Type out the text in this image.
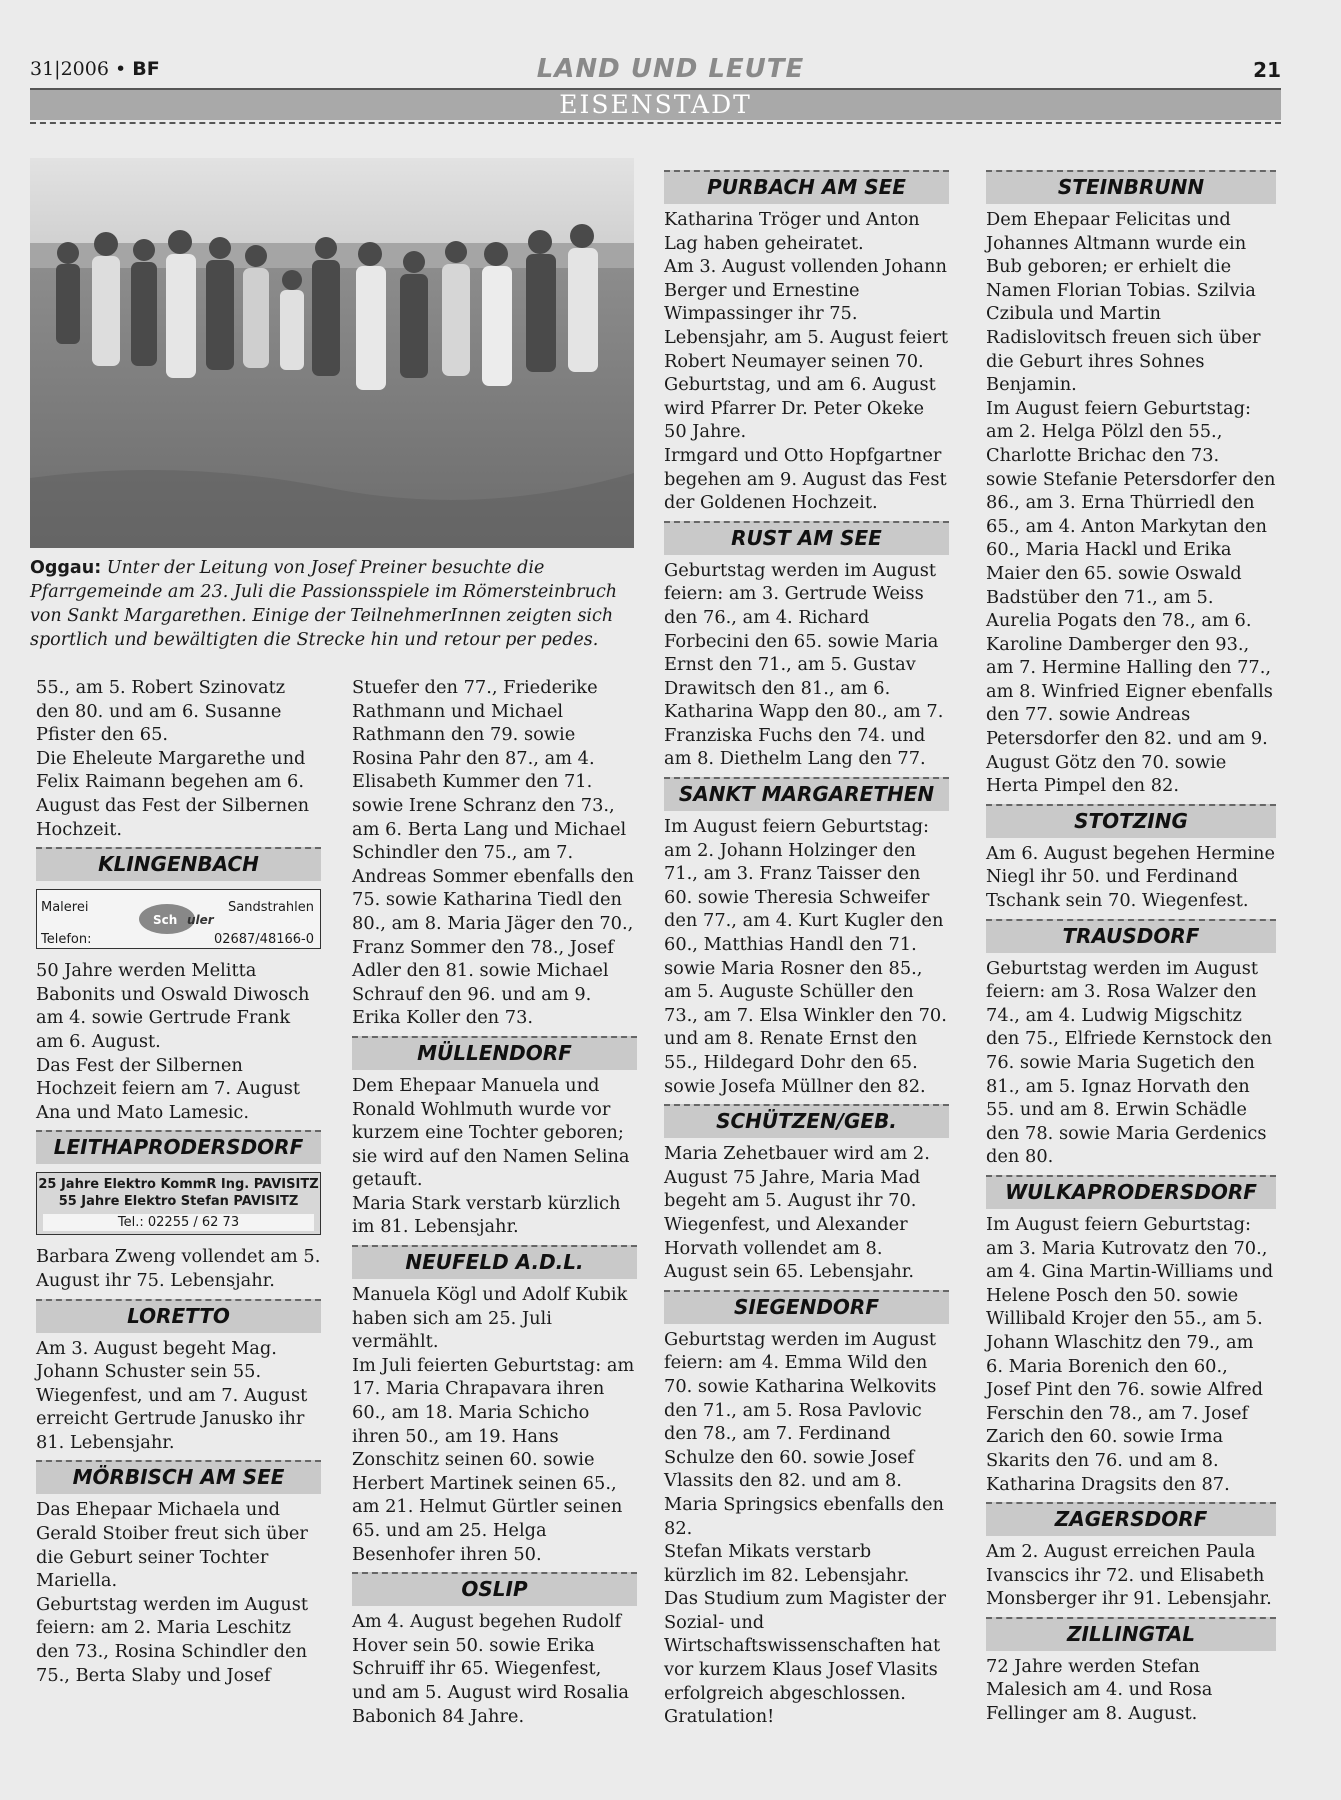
31|2006 • BF	LAND UND LEUTE	21
EISENSTADT
Oggau: Unter der Leitung von Josef Preiner besuchte die Pfarrgemeinde am 23. Juli die Passionsspiele im Römersteinbruch von Sankt Margarethen. Einige der TeilnehmerInnen zeigten sich sportlich und bewältigten die Strecke hin und retour per pedes.

55., am 5. Robert Szinovatz den 80. und am 6. Susanne Pfister den 65.

Die Eheleute Margarethe und Felix Raimann begehen am 6. August das Fest der Silbernen Hochzeit.

KLINGENBACH
Malerei	Sandstrahlen
Telefon:	02687/48166-0
Sch uler

50 Jahre werden Melitta Babonits und Oswald Diwosch am 4. sowie Gertrude Frank am 6. August.

Das Fest der Silbernen Hochzeit feiern am 7. August Ana und Mato Lamesic.

LEITHAPRODERSDORF
25 Jahre Elektro KommR Ing. PAVISITZ
55 Jahre Elektro Stefan PAVISITZ
Tel.: 02255 / 62 73

Barbara Zweng vollendet am 5. August ihr 75. Lebensjahr.

LORETTO

Am 3. August begeht Mag. Johann Schuster sein 55. Wiegenfest, und am 7. August erreicht Gertrude Janusko ihr 81. Lebensjahr.

MÖRBISCH AM SEE

Das Ehepaar Michaela und Gerald Stoiber freut sich über die Geburt seiner Tochter Mariella.

Geburtstag werden im August feiern: am 2. Maria Leschitz den 73., Rosina Schindler den 75., Berta Slaby und Josef

Stuefer den 77., Friederike Rathmann und Michael Rathmann den 79. sowie Rosina Pahr den 87., am 4. Elisabeth Kummer den 71. sowie Irene Schranz den 73., am 6. Berta Lang und Michael Schindler den 75., am 7. Andreas Sommer ebenfalls den 75. sowie Katharina Tiedl den 80., am 8. Maria Jäger den 70., Franz Sommer den 78., Josef Adler den 81. sowie Michael Schrauf den 96. und am 9. Erika Koller den 73.

MÜLLENDORF

Dem Ehepaar Manuela und Ronald Wohlmuth wurde vor kurzem eine Tochter geboren; sie wird auf den Namen Selina getauft.

Maria Stark verstarb kürzlich im 81. Lebensjahr.

NEUFELD A.D.L.

Manuela Kögl und Adolf Kubik haben sich am 25. Juli vermählt.

Im Juli feierten Geburtstag: am 17. Maria Chrapavara ihren 60., am 18. Maria Schicho ihren 50., am 19. Hans Zonschitz seinen 60. sowie Herbert Martinek seinen 65., am 21. Helmut Gürtler seinen 65. und am 25. Helga Besenhofer ihren 50.

OSLIP

Am 4. August begehen Rudolf Hover sein 50. sowie Erika Schruiff ihr 65. Wiegenfest, und am 5. August wird Rosalia Babonich 84 Jahre.

PURBACH AM SEE

Katharina Tröger und Anton Lag haben geheiratet.

Am 3. August vollenden Johann Berger und Ernestine Wimpassinger ihr 75. Lebensjahr, am 5. August feiert Robert Neumayer seinen 70. Geburtstag, und am 6. August wird Pfarrer Dr. Peter Okeke 50 Jahre.

Irmgard und Otto Hopfgartner begehen am 9. August das Fest der Goldenen Hochzeit.

RUST AM SEE

Geburtstag werden im August feiern: am 3. Gertrude Weiss den 76., am 4. Richard Forbecini den 65. sowie Maria Ernst den 71., am 5. Gustav Drawitsch den 81., am 6. Katharina Wapp den 80., am 7. Franziska Fuchs den 74. und am 8. Diethelm Lang den 77.

SANKT MARGARETHEN

Im August feiern Geburtstag: am 2. Johann Holzinger den 71., am 3. Franz Taisser den 60. sowie Theresia Schweifer den 77., am 4. Kurt Kugler den 60., Matthias Handl den 71. sowie Maria Rosner den 85., am 5. Auguste Schüller den 73., am 7. Elsa Winkler den 70. und am 8. Renate Ernst den 55., Hildegard Dohr den 65. sowie Josefa Müllner den 82.

SCHÜTZEN/GEB.

Maria Zehetbauer wird am 2. August 75 Jahre, Maria Mad begeht am 5. August ihr 70. Wiegenfest, und Alexander Horvath vollendet am 8. August sein 65. Lebensjahr.

SIEGENDORF

Geburtstag werden im August feiern: am 4. Emma Wild den 70. sowie Katharina Welkovits den 71., am 5. Rosa Pavlovic den 78., am 7. Ferdinand Schulze den 60. sowie Josef Vlassits den 82. und am 8. Maria Springsics ebenfalls den 82.

Stefan Mikats verstarb kürzlich im 82. Lebensjahr.

Das Studium zum Magister der Sozial- und Wirtschaftswissenschaften hat vor kurzem Klaus Josef Vlasits erfolgreich abgeschlossen. Gratulation!

STEINBRUNN

Dem Ehepaar Felicitas und Johannes Altmann wurde ein Bub geboren; er erhielt die Namen Florian Tobias. Szilvia Czibula und Martin Radislovitsch freuen sich über die Geburt ihres Sohnes Benjamin.

Im August feiern Geburtstag: am 2. Helga Pölzl den 55., Charlotte Brichac den 73. sowie Stefanie Petersdorfer den 86., am 3. Erna Thürriedl den 65., am 4. Anton Markytan den 60., Maria Hackl und Erika Maier den 65. sowie Oswald Badstüber den 71., am 5. Aurelia Pogats den 78., am 6. Karoline Damberger den 93., am 7. Hermine Halling den 77., am 8. Winfried Eigner ebenfalls den 77. sowie Andreas Petersdorfer den 82. und am 9. August Götz den 70. sowie Herta Pimpel den 82.

STOTZING

Am 6. August begehen Hermine Niegl ihr 50. und Ferdinand Tschank sein 70. Wiegenfest.

TRAUSDORF

Geburtstag werden im August feiern: am 3. Rosa Walzer den 74., am 4. Ludwig Migschitz den 75., Elfriede Kernstock den 76. sowie Maria Sugetich den 81., am 5. Ignaz Horvath den 55. und am 8. Erwin Schädle den 78. sowie Maria Gerdenics den 80.

WULKAPRODERSDORF

Im August feiern Geburtstag: am 3. Maria Kutrovatz den 70., am 4. Gina Martin-Williams und Helene Posch den 50. sowie Willibald Krojer den 55., am 5. Johann Wlaschitz den 79., am 6. Maria Borenich den 60., Josef Pint den 76. sowie Alfred Ferschin den 78., am 7. Josef Zarich den 60. sowie Irma Skarits den 76. und am 8. Katharina Dragsits den 87.

ZAGERSDORF

Am 2. August erreichen Paula Ivanscics ihr 72. und Elisabeth Monsberger ihr 91. Lebensjahr.

ZILLINGTAL

72 Jahre werden Stefan Malesich am 4. und Rosa Fellinger am 8. August.
